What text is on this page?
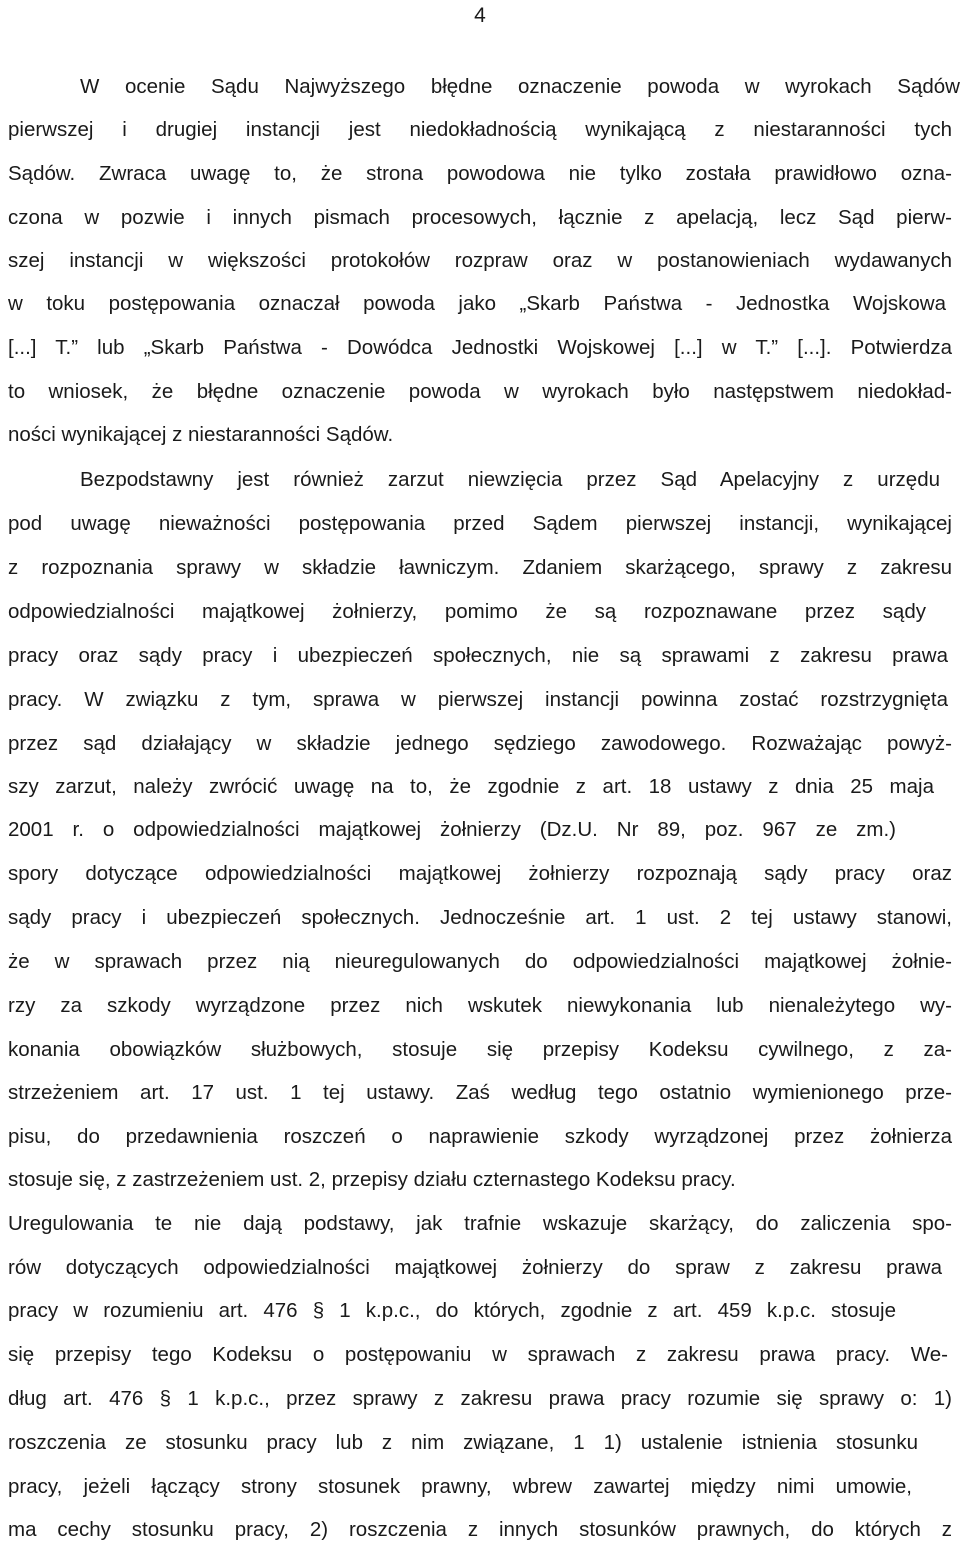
4
W ocenie Sądu Najwyższego błędne oznaczenie powoda w wyrokach Sądów
pierwszej i drugiej instancji jest niedokładnością wynikającą z niestaranności tych
Sądów. Zwraca uwagę to, że strona powodowa nie tylko została prawidłowo ozna-
czona w pozwie i innych pismach procesowych, łącznie z apelacją, lecz Sąd pierw-
szej instancji w większości protokołów rozpraw oraz w postanowieniach wydawanych
w toku postępowania oznaczał powoda jako „Skarb Państwa - Jednostka Wojskowa
[...] T.” lub „Skarb Państwa - Dowódca Jednostki Wojskowej [...] w T.” [...]. Potwierdza
to wniosek, że błędne oznaczenie powoda w wyrokach było następstwem niedokład-
ności wynikającej z niestaranności Sądów.
Bezpodstawny jest również zarzut niewzięcia przez Sąd Apelacyjny z urzędu
pod uwagę nieważności postępowania przed Sądem pierwszej instancji, wynikającej
z rozpoznania sprawy w składzie ławniczym. Zdaniem skarżącego, sprawy z zakresu
odpowiedzialności majątkowej żołnierzy, pomimo że są rozpoznawane przez sądy
pracy oraz sądy pracy i ubezpieczeń społecznych, nie są sprawami z zakresu prawa
pracy. W związku z tym, sprawa w pierwszej instancji powinna zostać rozstrzygnięta
przez sąd działający w składzie jednego sędziego zawodowego. Rozważając powyż-
szy zarzut, należy zwrócić uwagę na to, że zgodnie z art. 18 ustawy z dnia 25 maja
2001 r. o odpowiedzialności majątkowej żołnierzy (Dz.U. Nr 89, poz. 967 ze zm.)
spory dotyczące odpowiedzialności majątkowej żołnierzy rozpoznają sądy pracy oraz
sądy pracy i ubezpieczeń społecznych. Jednocześnie art. 1 ust. 2 tej ustawy stanowi,
że w sprawach przez nią nieuregulowanych do odpowiedzialności majątkowej żołnie-
rzy za szkody wyrządzone przez nich wskutek niewykonania lub nienależytego wy-
konania obowiązków służbowych, stosuje się przepisy Kodeksu cywilnego, z za-
strzeżeniem art. 17 ust. 1 tej ustawy. Zaś według tego ostatnio wymienionego prze-
pisu, do przedawnienia roszczeń o naprawienie szkody wyrządzonej przez żołnierza
stosuje się, z zastrzeżeniem ust. 2, przepisy działu czternastego Kodeksu pracy.
Uregulowania te nie dają podstawy, jak trafnie wskazuje skarżący, do zaliczenia spo-
rów dotyczących odpowiedzialności majątkowej żołnierzy do spraw z zakresu prawa
pracy w rozumieniu art. 476 § 1 k.p.c., do których, zgodnie z art. 459 k.p.c. stosuje
się przepisy tego Kodeksu o postępowaniu w sprawach z zakresu prawa pracy. We-
dług art. 476 § 1 k.p.c., przez sprawy z zakresu prawa pracy rozumie się sprawy o: 1)
roszczenia ze stosunku pracy lub z nim związane, 1 1) ustalenie istnienia stosunku
pracy, jeżeli łączący strony stosunek prawny, wbrew zawartej między nimi umowie,
ma cechy stosunku pracy, 2) roszczenia z innych stosunków prawnych, do których z
